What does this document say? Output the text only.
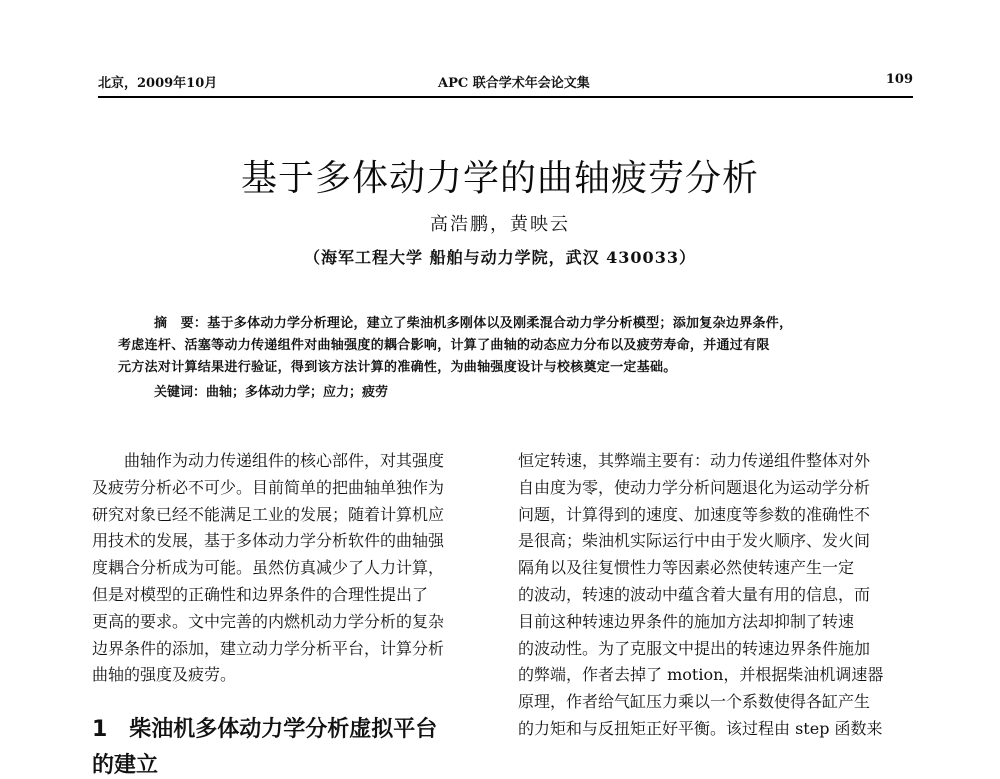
北京，2009年10月	APC 联合学术年会论文集	109
基于多体动力学的曲轴疲劳分析
高浩鹏，黄映云
（海军工程大学 船舶与动力学院，武汉 430033）
摘　要：基于多体动力学分析理论，建立了柴油机多刚体以及刚柔混合动力学分析模型；添加复杂边界条件，
考虑连杆、活塞等动力传递组件对曲轴强度的耦合影响，计算了曲轴的动态应力分布以及疲劳寿命，并通过有限
元方法对计算结果进行验证，得到该方法计算的准确性，为曲轴强度设计与校核奠定一定基础。
关键词：曲轴；多体动力学；应力；疲劳
曲轴作为动力传递组件的核心部件，对其强度
及疲劳分析必不可少。目前简单的把曲轴单独作为
研究对象已经不能满足工业的发展；随着计算机应
用技术的发展，基于多体动力学分析软件的曲轴强
度耦合分析成为可能。虽然仿真减少了人力计算，
但是对模型的正确性和边界条件的合理性提出了
更高的要求。文中完善的内燃机动力学分析的复杂
边界条件的添加，建立动力学分析平台，计算分析
曲轴的强度及疲劳。
1　柴油机多体动力学分析虚拟平台
的建立
恒定转速，其弊端主要有：动力传递组件整体对外
自由度为零，使动力学分析问题退化为运动学分析
问题，计算得到的速度、加速度等参数的准确性不
是很高；柴油机实际运行中由于发火顺序、发火间
隔角以及往复惯性力等因素必然使转速产生一定
的波动，转速的波动中蕴含着大量有用的信息，而
目前这种转速边界条件的施加方法却抑制了转速
的波动性。为了克服文中提出的转速边界条件施加
的弊端，作者去掉了 motion，并根据柴油机调速器
原理，作者给气缸压力乘以一个系数使得各缸产生
的力矩和与反扭矩正好平衡。该过程由 step 函数来
